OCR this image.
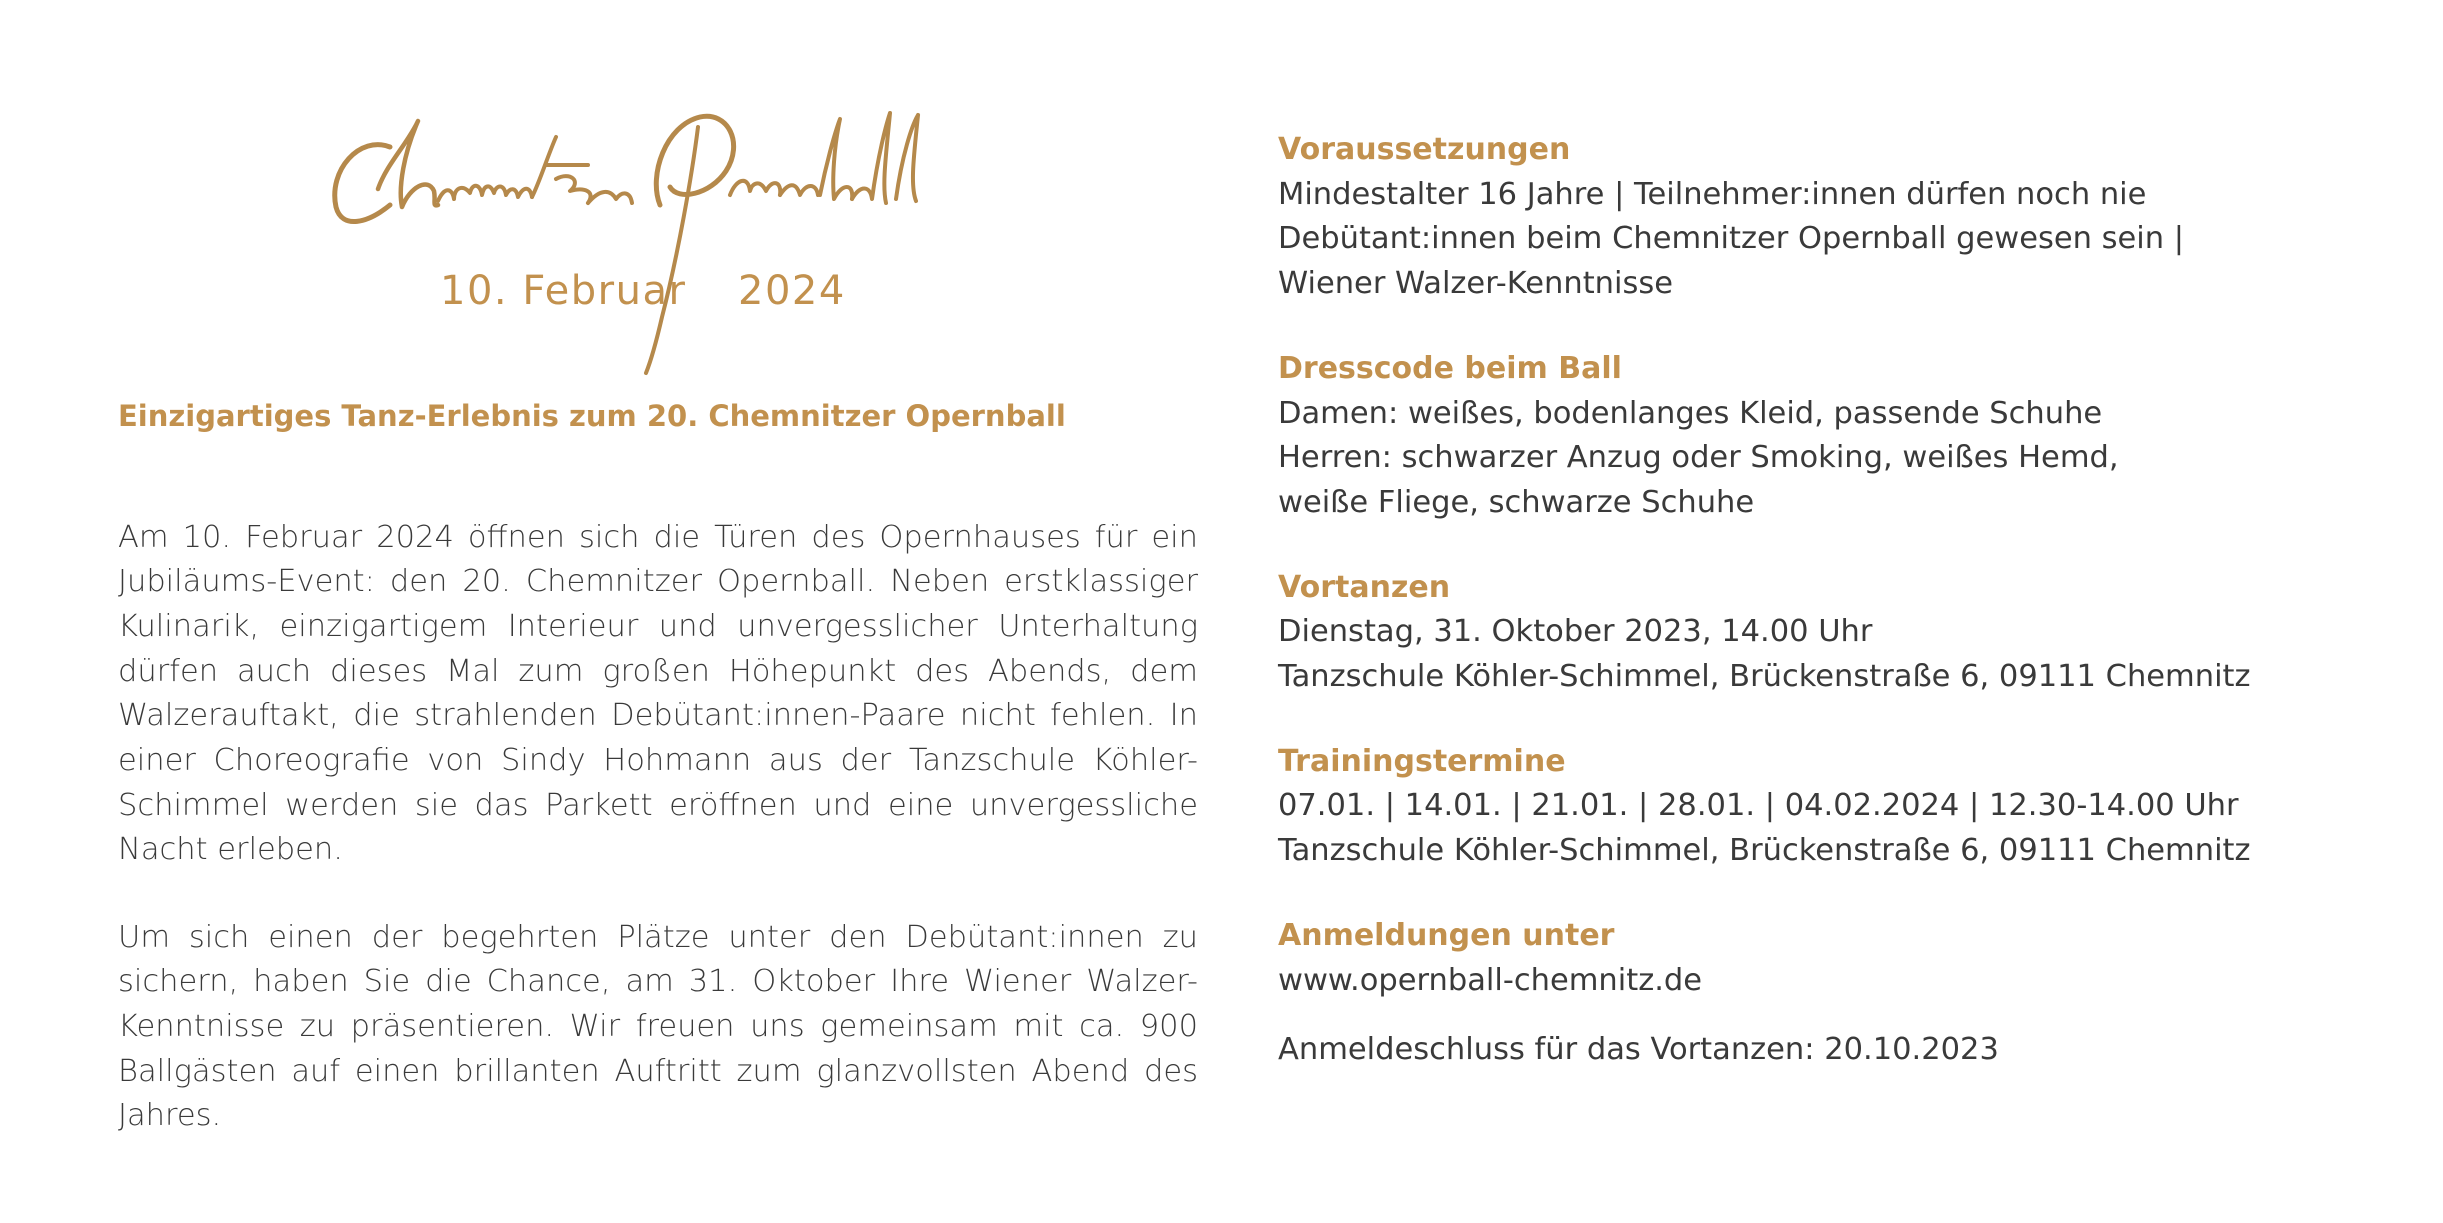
10. Februar 2024
Einzigartiges Tanz-Erlebnis zum 20. Chemnitzer Opernball

Am 10. Februar 2024 öffnen sich die Türen des Opernhauses für ein Jubiläums-Event: den 20. Chemnitzer Opernball. Neben erstklassiger Kulinarik, einzigartigem Interieur und unvergesslicher Unterhaltung dürfen auch dieses Mal zum großen Höhepunkt des Abends, dem Walzerauftakt, die strahlenden Debütant:innen-Paare nicht fehlen. In einer Choreografie von Sindy Hohmann aus der Tanzschule Köhler-Schimmel werden sie das Parkett eröffnen und eine unvergessliche Nacht erleben.

Um sich einen der begehrten Plätze unter den Debütant:innen zu sichern, haben Sie die Chance, am 31. Oktober Ihre Wiener Walzer-Kenntnisse zu präsentieren. Wir freuen uns gemeinsam mit ca. 900 Ballgästen auf einen brillanten Auftritt zum glanzvollsten Abend des Jahres.

Voraussetzungen
Mindestalter 16 Jahre | Teilnehmer:innen dürfen noch nie
Debütant:innen beim Chemnitzer Opernball gewesen sein |
Wiener Walzer-Kenntnisse
Dresscode beim Ball
Damen: weißes, bodenlanges Kleid, passende Schuhe
Herren: schwarzer Anzug oder Smoking, weißes Hemd,
weiße Fliege, schwarze Schuhe
Vortanzen
Dienstag, 31. Oktober 2023, 14.00 Uhr
Tanzschule Köhler-Schimmel, Brückenstraße 6, 09111 Chemnitz
Trainingstermine
07.01. | 14.01. | 21.01. | 28.01. | 04.02.2024 | 12.30-14.00 Uhr
Tanzschule Köhler-Schimmel, Brückenstraße 6, 09111 Chemnitz
Anmeldungen unter
www.opernball-chemnitz.de
Anmeldeschluss für das Vortanzen: 20.10.2023
